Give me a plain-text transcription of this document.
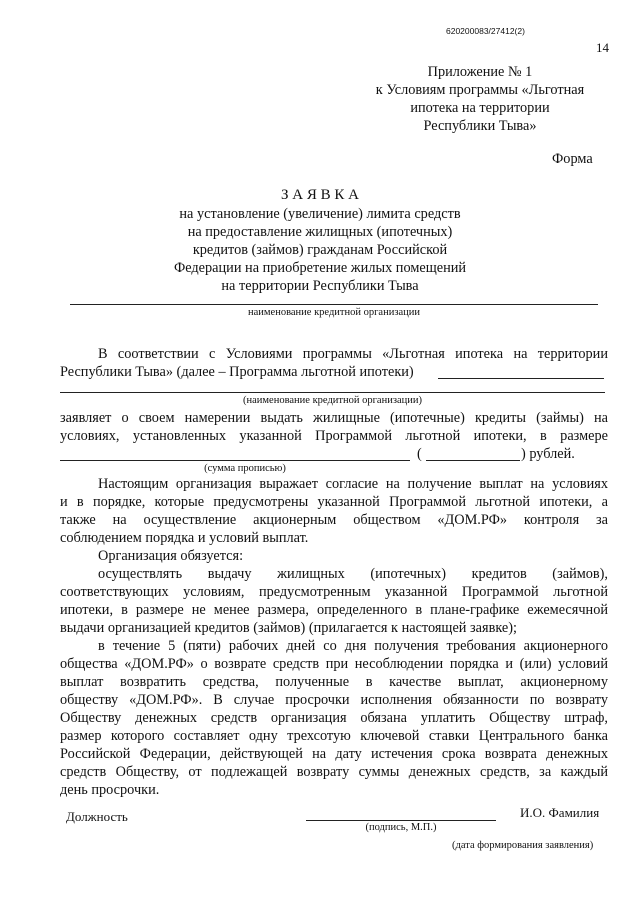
620200083/27412(2)
14
Приложение № 1
к Условиям программы «Льготная
ипотека на территории
Республики Тыва»
Форма
З А Я В К А
на установление (увеличение) лимита средств
на предоставление жилищных (ипотечных)
кредитов (займов) гражданам Российской
Федерации на приобретение жилых помещений
на территории Республики Тыва
наименование кредитной организации
В соответствии с Условиями программы «Льготная ипотека на территории
Республики Тыва» (далее – Программа льготной ипотеки)
(наименование кредитной организации)
заявляет о своем намерении выдать жилищные (ипотечные) кредиты (займы) на
условиях, установленных указанной Программой льготной ипотеки, в размере
(	) рублей.
(сумма прописью)
Настоящим организация выражает согласие на получение выплат на условиях
и в порядке, которые предусмотрены указанной Программой льготной ипотеки, а
также на осуществление акционерным обществом «ДОМ.РФ» контроля за
соблюдением порядка и условий выплат.
Организация обязуется:
осуществлять выдачу жилищных (ипотечных) кредитов (займов),
соответствующих условиям, предусмотренным указанной Программой льготной
ипотеки, в размере не менее размера, определенного в плане-графике ежемесячной
выдачи организацией кредитов (займов) (прилагается к настоящей заявке);
в течение 5 (пяти) рабочих дней со дня получения требования акционерного
общества «ДОМ.РФ» о возврате средств при несоблюдении порядка и (или) условий
выплат возвратить средства, полученные в качестве выплат, акционерному
обществу «ДОМ.РФ». В случае просрочки исполнения обязанности по возврату
Обществу денежных средств организация обязана уплатить Обществу штраф,
размер которого составляет одну трехсотую ключевой ставки Центрального банка
Российской Федерации, действующей на дату истечения срока возврата денежных
средств Обществу, от подлежащей возврату суммы денежных средств, за каждый
день просрочки.
Должность	И.О. Фамилия
(подпись, М.П.)
(дата формирования заявления)
